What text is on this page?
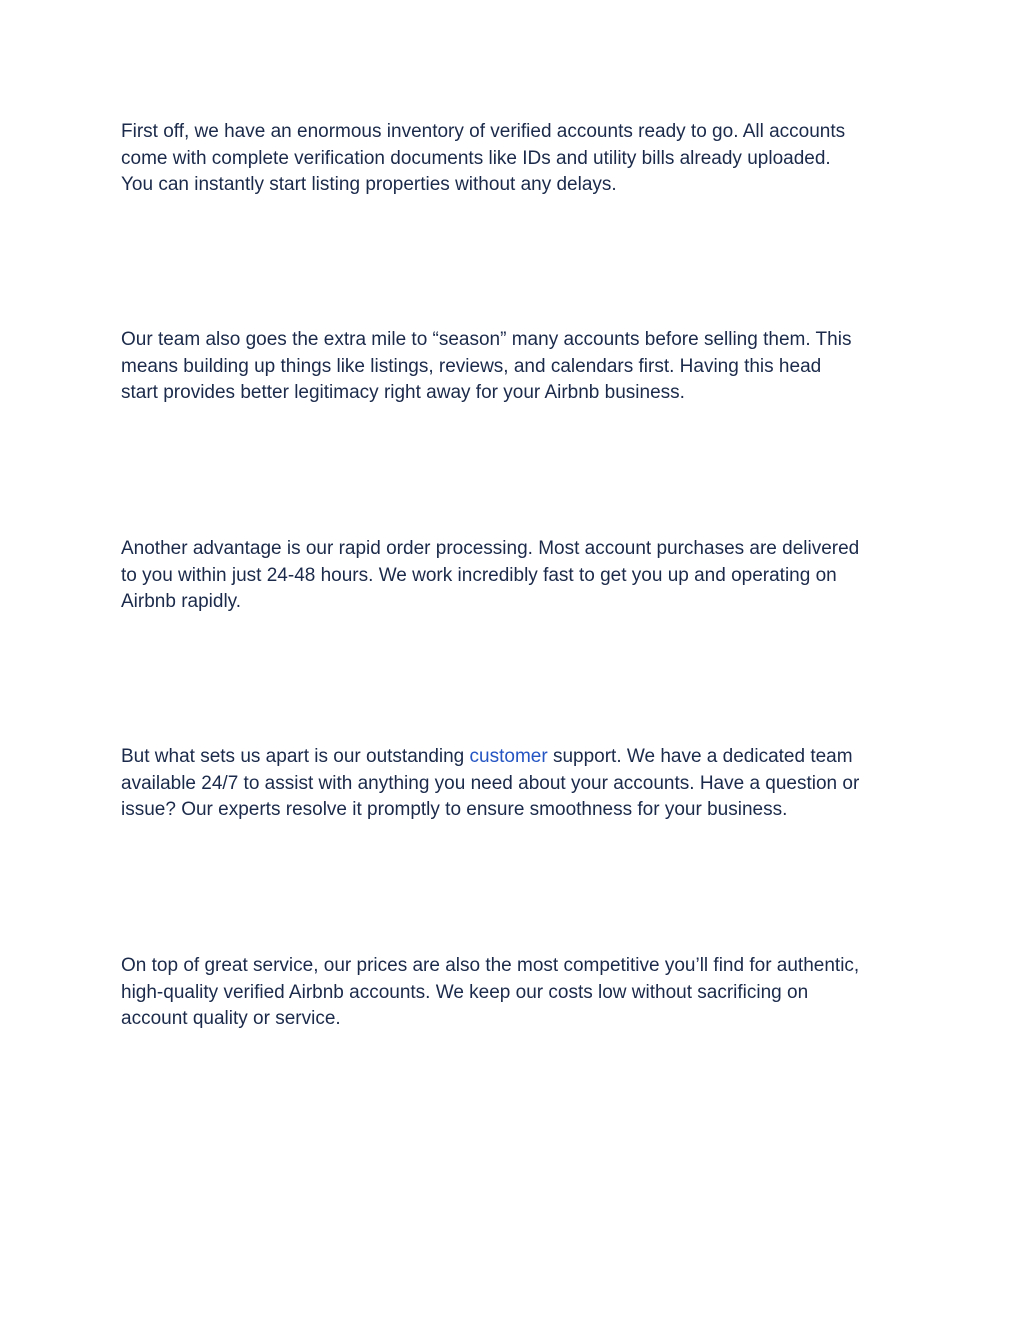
First off, we have an enormous inventory of verified accounts ready to go. All accounts
come with complete verification documents like IDs and utility bills already uploaded.
You can instantly start listing properties without any delays.

Our team also goes the extra mile to “season” many accounts before selling them. This
means building up things like listings, reviews, and calendars first. Having this head
start provides better legitimacy right away for your Airbnb business.

Another advantage is our rapid order processing. Most account purchases are delivered
to you within just 24-48 hours. We work incredibly fast to get you up and operating on
Airbnb rapidly.

But what sets us apart is our outstanding customer support. We have a dedicated team
available 24/7 to assist with anything you need about your accounts. Have a question or
issue? Our experts resolve it promptly to ensure smoothness for your business.

On top of great service, our prices are also the most competitive you’ll find for authentic,
high-quality verified Airbnb accounts. We keep our costs low without sacrificing on
account quality or service.
